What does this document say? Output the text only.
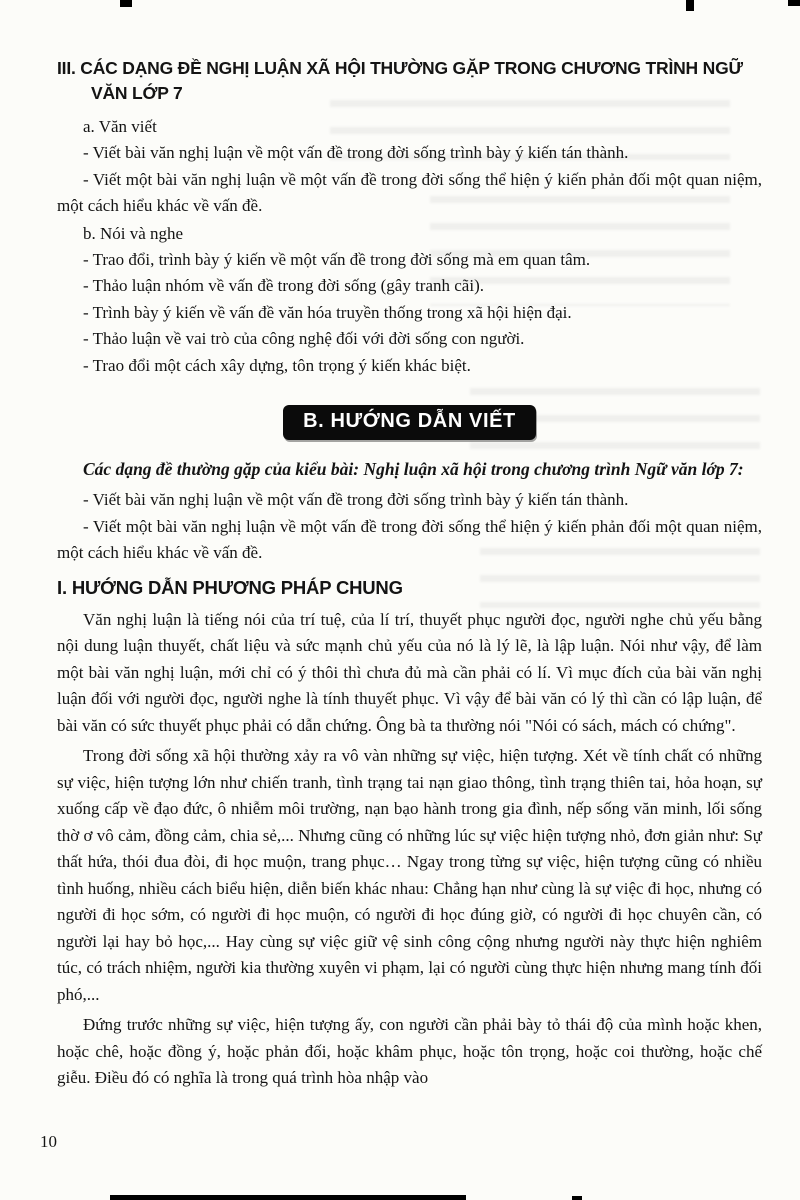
III. CÁC DẠNG ĐỀ NGHỊ LUẬN XÃ HỘI THƯỜNG GẶP TRONG CHƯƠNG TRÌNH NGỮ VĂN LỚP 7
a. Văn viết
- Viết bài văn nghị luận về một vấn đề trong đời sống trình bày ý kiến tán thành.
- Viết một bài văn nghị luận về một vấn đề trong đời sống thể hiện ý kiến phản đối một quan niệm, một cách hiểu khác về vấn đề.
b. Nói và nghe
- Trao đổi, trình bày ý kiến về một vấn đề trong đời sống mà em quan tâm.
- Thảo luận nhóm về vấn đề trong đời sống (gây tranh cãi).
- Trình bày ý kiến về vấn đề văn hóa truyền thống trong xã hội hiện đại.
- Thảo luận về vai trò của công nghệ đối với đời sống con người.
- Trao đổi một cách xây dựng, tôn trọng ý kiến khác biệt.
B. HƯỚNG DẪN VIẾT
Các dạng đề thường gặp của kiểu bài: Nghị luận xã hội trong chương trình Ngữ văn lớp 7:
- Viết bài văn nghị luận về một vấn đề trong đời sống trình bày ý kiến tán thành.
- Viết một bài văn nghị luận về một vấn đề trong đời sống thể hiện ý kiến phản đối một quan niệm, một cách hiểu khác về vấn đề.
I. HƯỚNG DẪN PHƯƠNG PHÁP CHUNG

Văn nghị luận là tiếng nói của trí tuệ, của lí trí, thuyết phục người đọc, người nghe chủ yếu bằng nội dung luận thuyết, chất liệu và sức mạnh chủ yếu của nó là lý lẽ, là lập luận. Nói như vậy, để làm một bài văn nghị luận, mới chỉ có ý thôi thì chưa đủ mà cần phải có lí. Vì mục đích của bài văn nghị luận đối với người đọc, người nghe là tính thuyết phục. Vì vậy để bài văn có lý thì cần có lập luận, để bài văn có sức thuyết phục phải có dẫn chứng. Ông bà ta thường nói "Nói có sách, mách có chứng".

Trong đời sống xã hội thường xảy ra vô vàn những sự việc, hiện tượng. Xét về tính chất có những sự việc, hiện tượng lớn như chiến tranh, tình trạng tai nạn giao thông, tình trạng thiên tai, hỏa hoạn, sự xuống cấp về đạo đức, ô nhiễm môi trường, nạn bạo hành trong gia đình, nếp sống văn minh, lối sống thờ ơ vô cảm, đồng cảm, chia sẻ,... Nhưng cũng có những lúc sự việc hiện tượng nhỏ, đơn giản như: Sự thất hứa, thói đua đòi, đi học muộn, trang phục… Ngay trong từng sự việc, hiện tượng cũng có nhiều tình huống, nhiều cách biểu hiện, diễn biến khác nhau: Chẳng hạn như cùng là sự việc đi học, nhưng có người đi học sớm, có người đi học muộn, có người đi học đúng giờ, có người đi học chuyên cần, có người lại hay bỏ học,... Hay cùng sự việc giữ vệ sinh công cộng nhưng người này thực hiện nghiêm túc, có trách nhiệm, người kia thường xuyên vi phạm, lại có người cùng thực hiện nhưng mang tính đối phó,...

Đứng trước những sự việc, hiện tượng ấy, con người cần phải bày tỏ thái độ của mình hoặc khen, hoặc chê, hoặc đồng ý, hoặc phản đối, hoặc khâm phục, hoặc tôn trọng, hoặc coi thường, hoặc chế giễu. Điều đó có nghĩa là trong quá trình hòa nhập vào

10
